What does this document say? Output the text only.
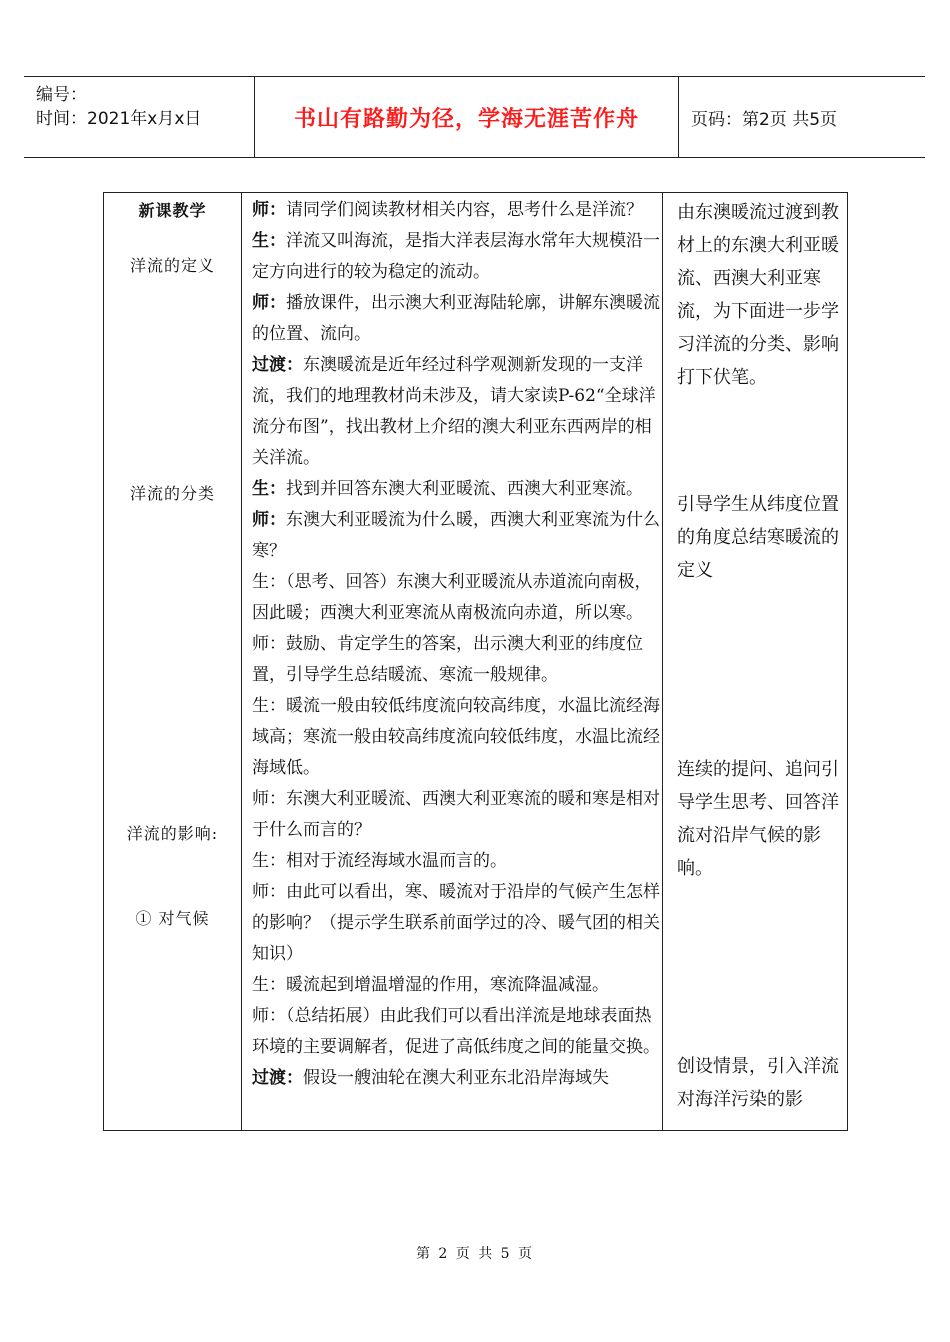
编号：
时间：2021年x月x日	书山有路勤为径，学海无涯苦作舟	页码：第2页 共5页
新课教学
洋流的定义
洋流的分类
洋流的影响:
① 对气候

师：请同学们阅读教材相关内容，思考什么是洋流？

生：洋流又叫海流，是指大洋表层海水常年大规模沿一定方向进行的较为稳定的流动。

师：播放课件，出示澳大利亚海陆轮廓，讲解东澳暖流的位置、流向。

过渡：东澳暖流是近年经过科学观测新发现的一支洋流，我们的地理教材尚未涉及，请大家读P-62“全球洋流分布图”，找出教材上介绍的澳大利亚东西两岸的相关洋流。

生：找到并回答东澳大利亚暖流、西澳大利亚寒流。

师：东澳大利亚暖流为什么暖，西澳大利亚寒流为什么寒？

生：（思考、回答）东澳大利亚暖流从赤道流向南极，因此暖；西澳大利亚寒流从南极流向赤道，所以寒。

师：鼓励、肯定学生的答案，出示澳大利亚的纬度位置，引导学生总结暖流、寒流一般规律。

生：暖流一般由较低纬度流向较高纬度，水温比流经海域高；寒流一般由较高纬度流向较低纬度，水温比流经海域低。

师：东澳大利亚暖流、西澳大利亚寒流的暖和寒是相对于什么而言的？

生：相对于流经海域水温而言的。

师：由此可以看出，寒、暖流对于沿岸的气候产生怎样的影响？（提示学生联系前面学过的冷、暖气团的相关知识）

生：暖流起到增温增湿的作用，寒流降温减湿。

师：（总结拓展）由此我们可以看出洋流是地球表面热环境的主要调解者，促进了高低纬度之间的能量交换。

过渡：假设一艘油轮在澳大利亚东北沿岸海域失

由东澳暖流过渡到教材上的东澳大利亚暖流、西澳大利亚寒流，为下面进一步学习洋流的分类、影响打下伏笔。

引导学生从纬度位置的角度总结寒暖流的定义

连续的提问、追问引导学生思考、回答洋流对沿岸气候的影响。

创设情景，引入洋流对海洋污染的影

第 2 页 共 5 页
